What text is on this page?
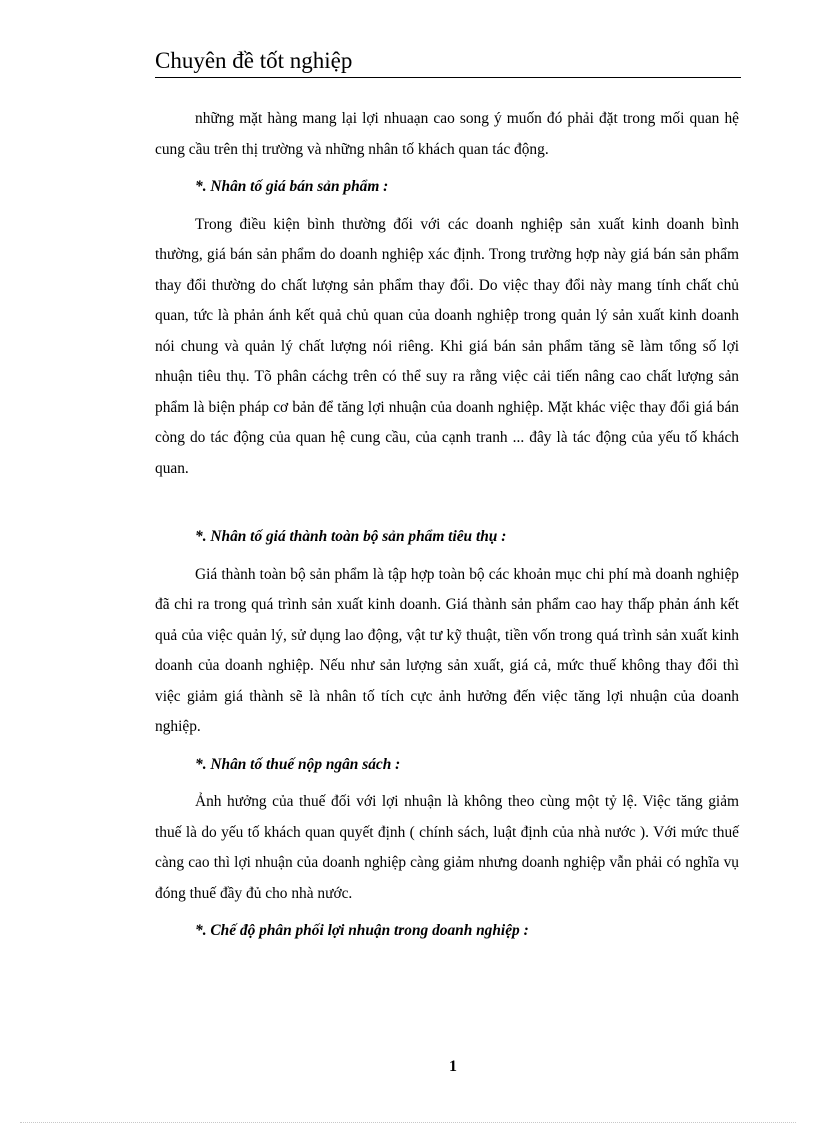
Chuyên đề tốt nghiệp

những mặt hàng mang lại lợi nhuaạn cao song ý muốn đó phải đặt trong mối quan hệ cung cầu trên thị trường và những nhân tố khách quan tác động.

*. Nhân tố giá bán sản phẩm :

Trong điều kiện bình thường đối với các doanh nghiệp sản xuất kinh doanh bình thường, giá bán sản phẩm do doanh nghiệp xác định. Trong trường hợp này giá bán sản phẩm thay đổi thường do chất lượng sản phẩm thay đổi. Do việc thay đổi này mang tính chất chủ quan, tức là phản ánh kết quả chủ quan của doanh nghiệp trong quản lý sản xuất kinh doanh nói chung và quản lý chất lượng nói riêng. Khi giá bán sản phẩm tăng sẽ làm tổng số lợi nhuận tiêu thụ. Tõ phân cáchg trên có thể suy ra rằng việc cải tiến nâng cao chất lượng sản phẩm là biện pháp cơ bản để tăng lợi nhuận của doanh nghiệp. Mặt khác việc thay đổi giá bán còng do tác động của quan hệ cung cầu, của cạnh tranh ... đây là tác động của yếu tố khách quan.

*. Nhân tố giá thành toàn bộ sản phẩm tiêu thụ :

Giá thành toàn bộ sản phẩm là tập hợp toàn bộ các khoản mục chi phí mà doanh nghiệp đã chi ra trong quá trình sản xuất kinh doanh. Giá thành sản phẩm cao hay thấp phản ánh kết quả của việc quản lý, sử dụng lao động, vật tư kỹ thuật, tiền vốn trong quá trình sản xuất kinh doanh của doanh nghiệp. Nếu như sản lượng sản xuất, giá cả, mức thuế không thay đổi thì việc giảm giá thành sẽ là nhân tố tích cực ảnh hưởng đến việc tăng lợi nhuận của doanh nghiệp.

*. Nhân tố thuế nộp ngân sách :

Ảnh hưởng của thuế đối với lợi nhuận là không theo cùng một tỷ lệ. Việc tăng giảm thuế là do yếu tố khách quan quyết định ( chính sách, luật định của nhà nước ). Với mức thuế càng cao thì lợi nhuận của doanh nghiệp càng giảm nhưng doanh nghiệp vẫn phải có nghĩa vụ đóng thuế đầy đủ cho nhà nước.

*. Chế độ phân phối lợi nhuận trong doanh nghiệp :

1
